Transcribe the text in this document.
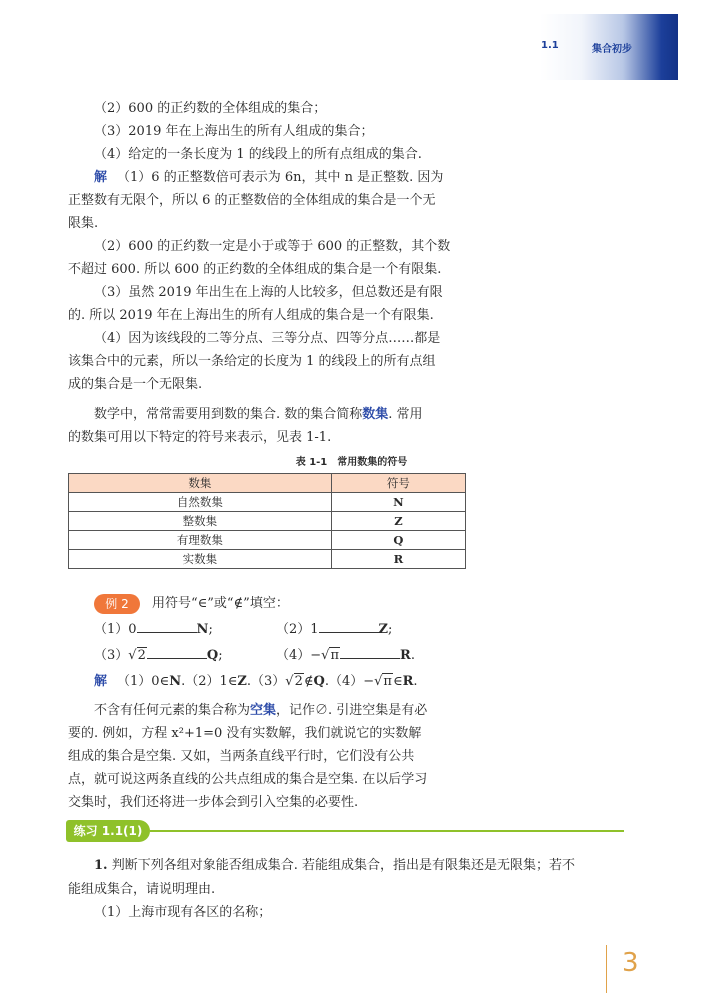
1.1	集合初步
（2）600 的正约数的全体组成的集合；
（3）2019 年在上海出生的所有人组成的集合；
（4）给定的一条长度为 1 的线段上的所有点组成的集合.
解 （1）6 的正整数倍可表示为 6n，其中 n 是正整数. 因为
正整数有无限个，所以 6 的正整数倍的全体组成的集合是一个无
限集.
（2）600 的正约数一定是小于或等于 600 的正整数，其个数
不超过 600. 所以 600 的正约数的全体组成的集合是一个有限集.
（3）虽然 2019 年出生在上海的人比较多，但总数还是有限
的. 所以 2019 年在上海出生的所有人组成的集合是一个有限集.
（4）因为该线段的二等分点、三等分点、四等分点……都是
该集合中的元素，所以一条给定的长度为 1 的线段上的所有点组
成的集合是一个无限集.
数学中，常常需要用到数的集合. 数的集合简称数集. 常用
的数集可用以下特定的符号来表示，见表 1-1.
表 1-1　常用数集的符号
数集	符号
自然数集	N
整数集	Z
有理数集	Q
实数集	R
例 2	用符号“∈”或“∉”填空：
（1）0	N;	（2）1	Z;
（3）√2	Q;	（4）−√π	R.
解 （1）0∈N.（2）1∈Z.（3）√2∉Q.（4）−√π∈R.
不含有任何元素的集合称为空集，记作∅. 引进空集是有必
要的. 例如，方程 x²+1=0 没有实数解，我们就说它的实数解
组成的集合是空集. 又如，当两条直线平行时，它们没有公共
点，就可说这两条直线的公共点组成的集合是空集. 在以后学习
交集时，我们还将进一步体会到引入空集的必要性.
练习 1.1(1)
1. 判断下列各组对象能否组成集合. 若能组成集合，指出是有限集还是无限集；若不
能组成集合，请说明理由.
（1）上海市现有各区的名称；
3
